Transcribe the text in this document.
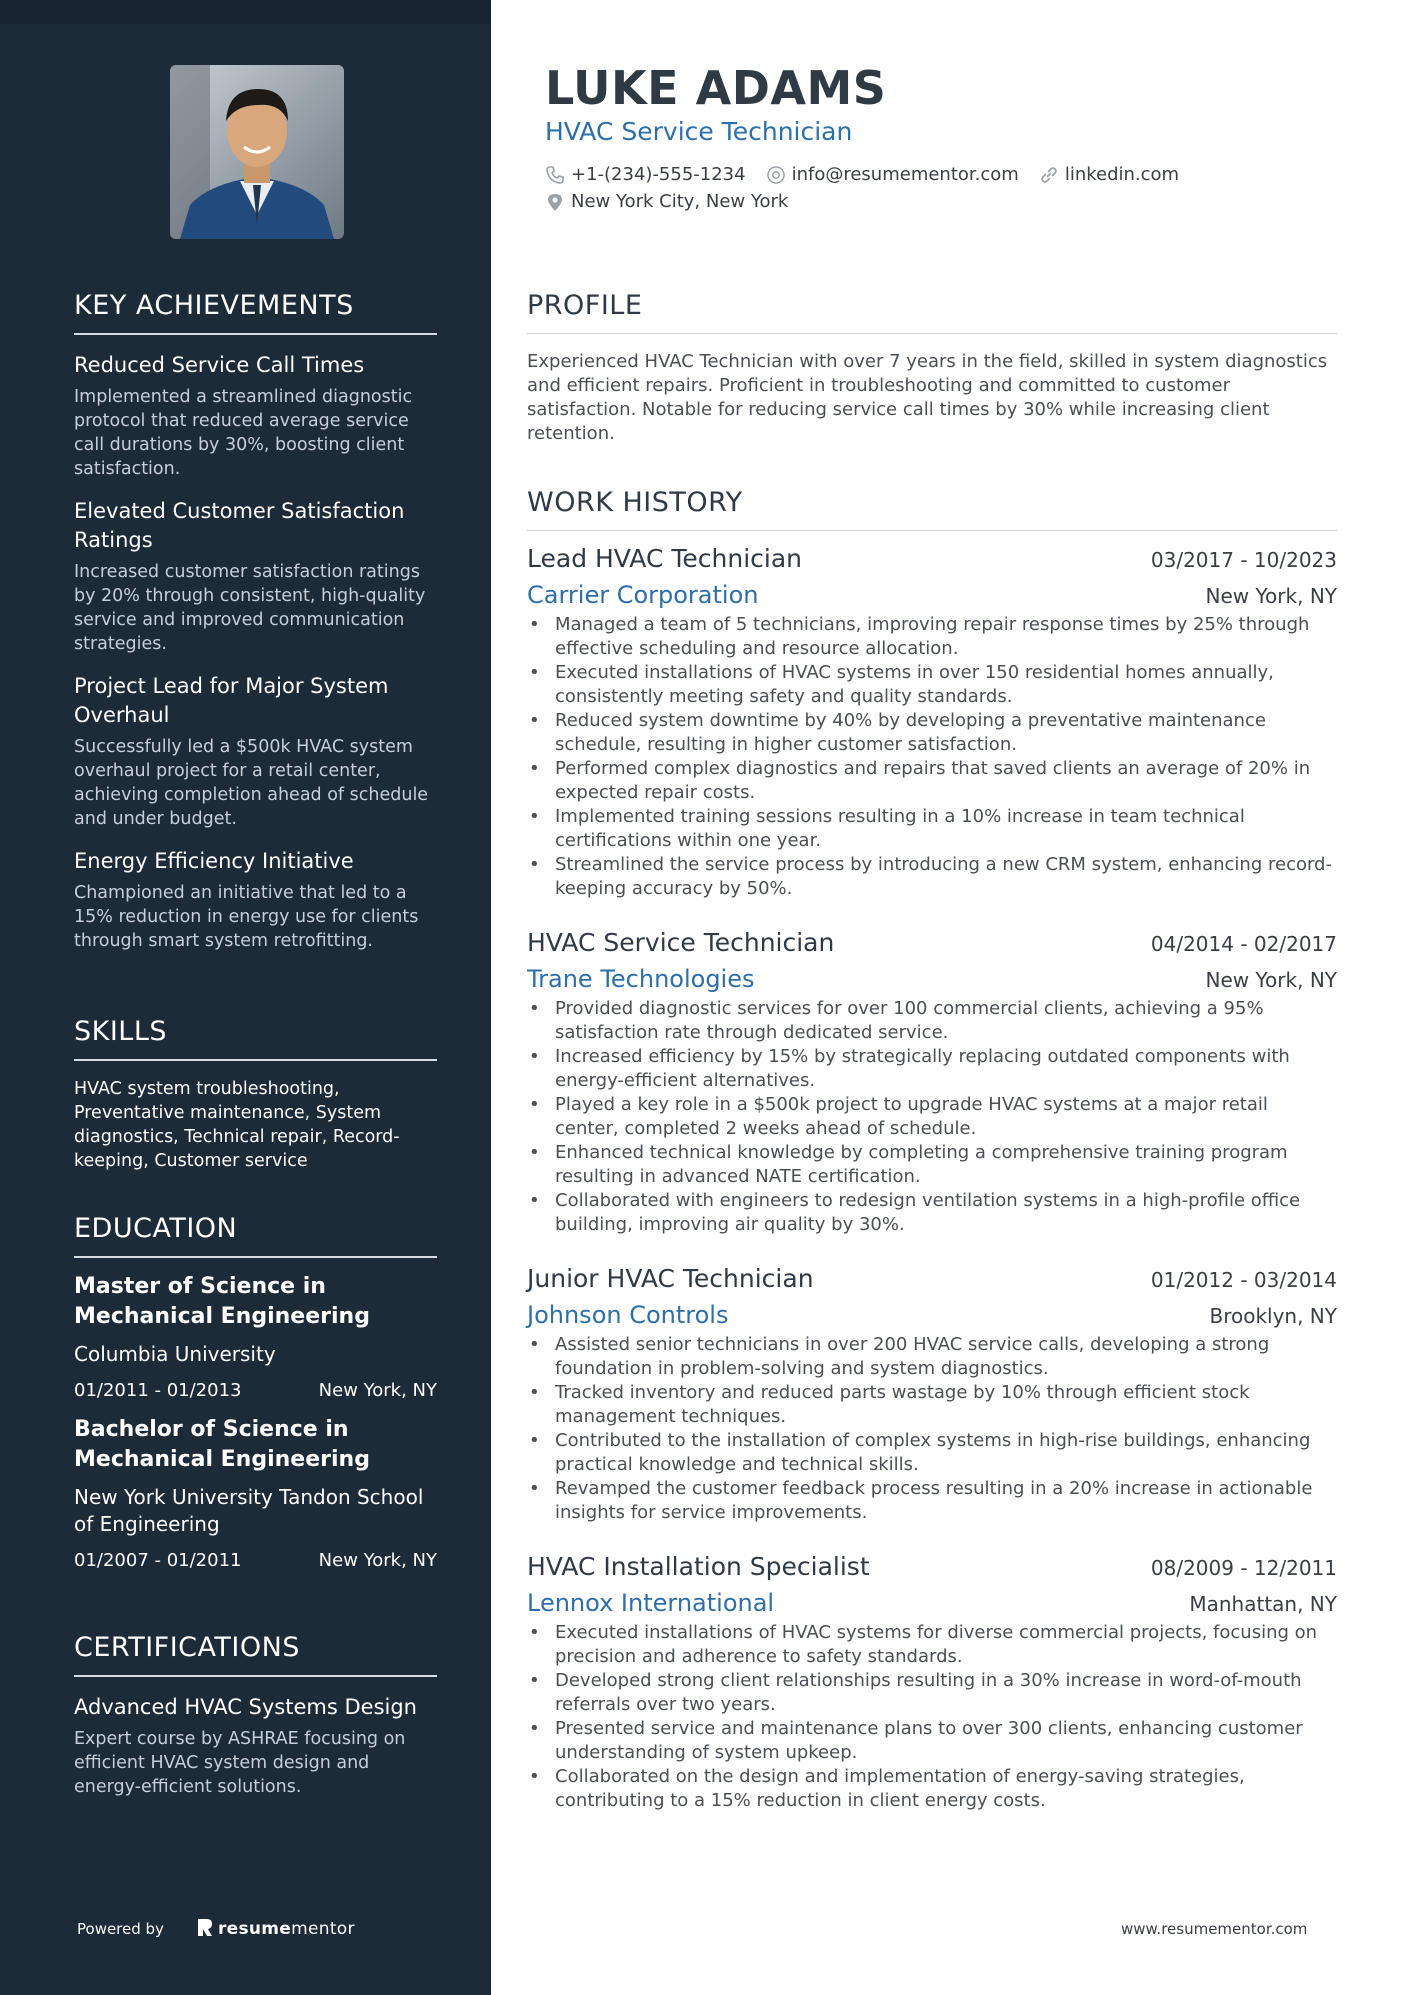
KEY ACHIEVEMENTS
Reduced Service Call Times
Implemented a streamlined diagnostic protocol that reduced average service call durations by 30%, boosting client satisfaction.
Elevated Customer Satisfaction Ratings
Increased customer satisfaction ratings by 20% through consistent, high-quality service and improved communication strategies.
Project Lead for Major System Overhaul
Successfully led a $500k HVAC system overhaul project for a retail center, achieving completion ahead of schedule and under budget.
Energy Efficiency Initiative
Championed an initiative that led to a 15% reduction in energy use for clients through smart system retrofitting.
SKILLS
HVAC system troubleshooting, Preventative maintenance, System diagnostics, Technical repair, Record-keeping, Customer service
EDUCATION
Master of Science in Mechanical Engineering
Columbia University
01/2011 - 01/2013	New York, NY
Bachelor of Science in Mechanical Engineering
New York University Tandon School of Engineering
01/2007 - 01/2011	New York, NY
CERTIFICATIONS
Advanced HVAC Systems Design
Expert course by ASHRAE focusing on efficient HVAC system design and energy-efficient solutions.
Powered by	resumementor
LUKE ADAMS
HVAC Service Technician
+1-(234)-555-1234	info@resumementor.com	linkedin.com
New York City, New York
PROFILE
Experienced HVAC Technician with over 7 years in the field, skilled in system diagnostics and efficient repairs. Proficient in troubleshooting and committed to customer satisfaction. Notable for reducing service call times by 30% while increasing client retention.
WORK HISTORY
Lead HVAC Technician	03/2017 - 10/2023
Carrier Corporation	New York, NY
• Managed a team of 5 technicians, improving repair response times by 25% through effective scheduling and resource allocation.
• Executed installations of HVAC systems in over 150 residential homes annually, consistently meeting safety and quality standards.
• Reduced system downtime by 40% by developing a preventative maintenance schedule, resulting in higher customer satisfaction.
• Performed complex diagnostics and repairs that saved clients an average of 20% in expected repair costs.
• Implemented training sessions resulting in a 10% increase in team technical certifications within one year.
• Streamlined the service process by introducing a new CRM system, enhancing record-keeping accuracy by 50%.
HVAC Service Technician	04/2014 - 02/2017
Trane Technologies	New York, NY
• Provided diagnostic services for over 100 commercial clients, achieving a 95% satisfaction rate through dedicated service.
• Increased efficiency by 15% by strategically replacing outdated components with energy-efficient alternatives.
• Played a key role in a $500k project to upgrade HVAC systems at a major retail center, completed 2 weeks ahead of schedule.
• Enhanced technical knowledge by completing a comprehensive training program resulting in advanced NATE certification.
• Collaborated with engineers to redesign ventilation systems in a high-profile office building, improving air quality by 30%.
Junior HVAC Technician	01/2012 - 03/2014
Johnson Controls	Brooklyn, NY
• Assisted senior technicians in over 200 HVAC service calls, developing a strong foundation in problem-solving and system diagnostics.
• Tracked inventory and reduced parts wastage by 10% through efficient stock management techniques.
• Contributed to the installation of complex systems in high-rise buildings, enhancing practical knowledge and technical skills.
• Revamped the customer feedback process resulting in a 20% increase in actionable insights for service improvements.
HVAC Installation Specialist	08/2009 - 12/2011
Lennox International	Manhattan, NY
• Executed installations of HVAC systems for diverse commercial projects, focusing on precision and adherence to safety standards.
• Developed strong client relationships resulting in a 30% increase in word-of-mouth referrals over two years.
• Presented service and maintenance plans to over 300 clients, enhancing customer understanding of system upkeep.
• Collaborated on the design and implementation of energy-saving strategies, contributing to a 15% reduction in client energy costs.
www.resumementor.com
